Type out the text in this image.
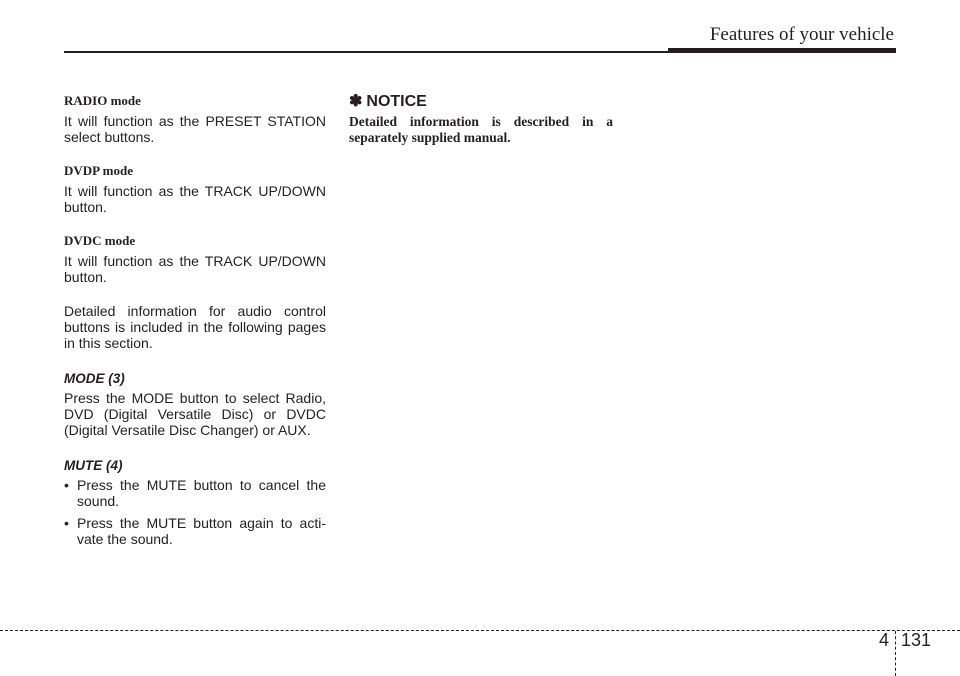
Features of your vehicle

RADIO mode

It will function as the PRESET STATION select buttons.

DVDP mode

It will function as the TRACK UP/DOWN button.

DVDC mode

It will function as the TRACK UP/DOWN button.

Detailed information for audio control buttons is included in the following pages in this section.

MODE (3)

Press the MODE button to select Radio, DVD (Digital Versatile Disc) or DVDC (Digital Versatile Disc Changer) or AUX.

MUTE (4)

• Press the MUTE button to cancel the sound.
• Press the MUTE button again to acti- vate the sound.
✽ NOTICE

Detailed information is described in a separately supplied manual.

4 131
